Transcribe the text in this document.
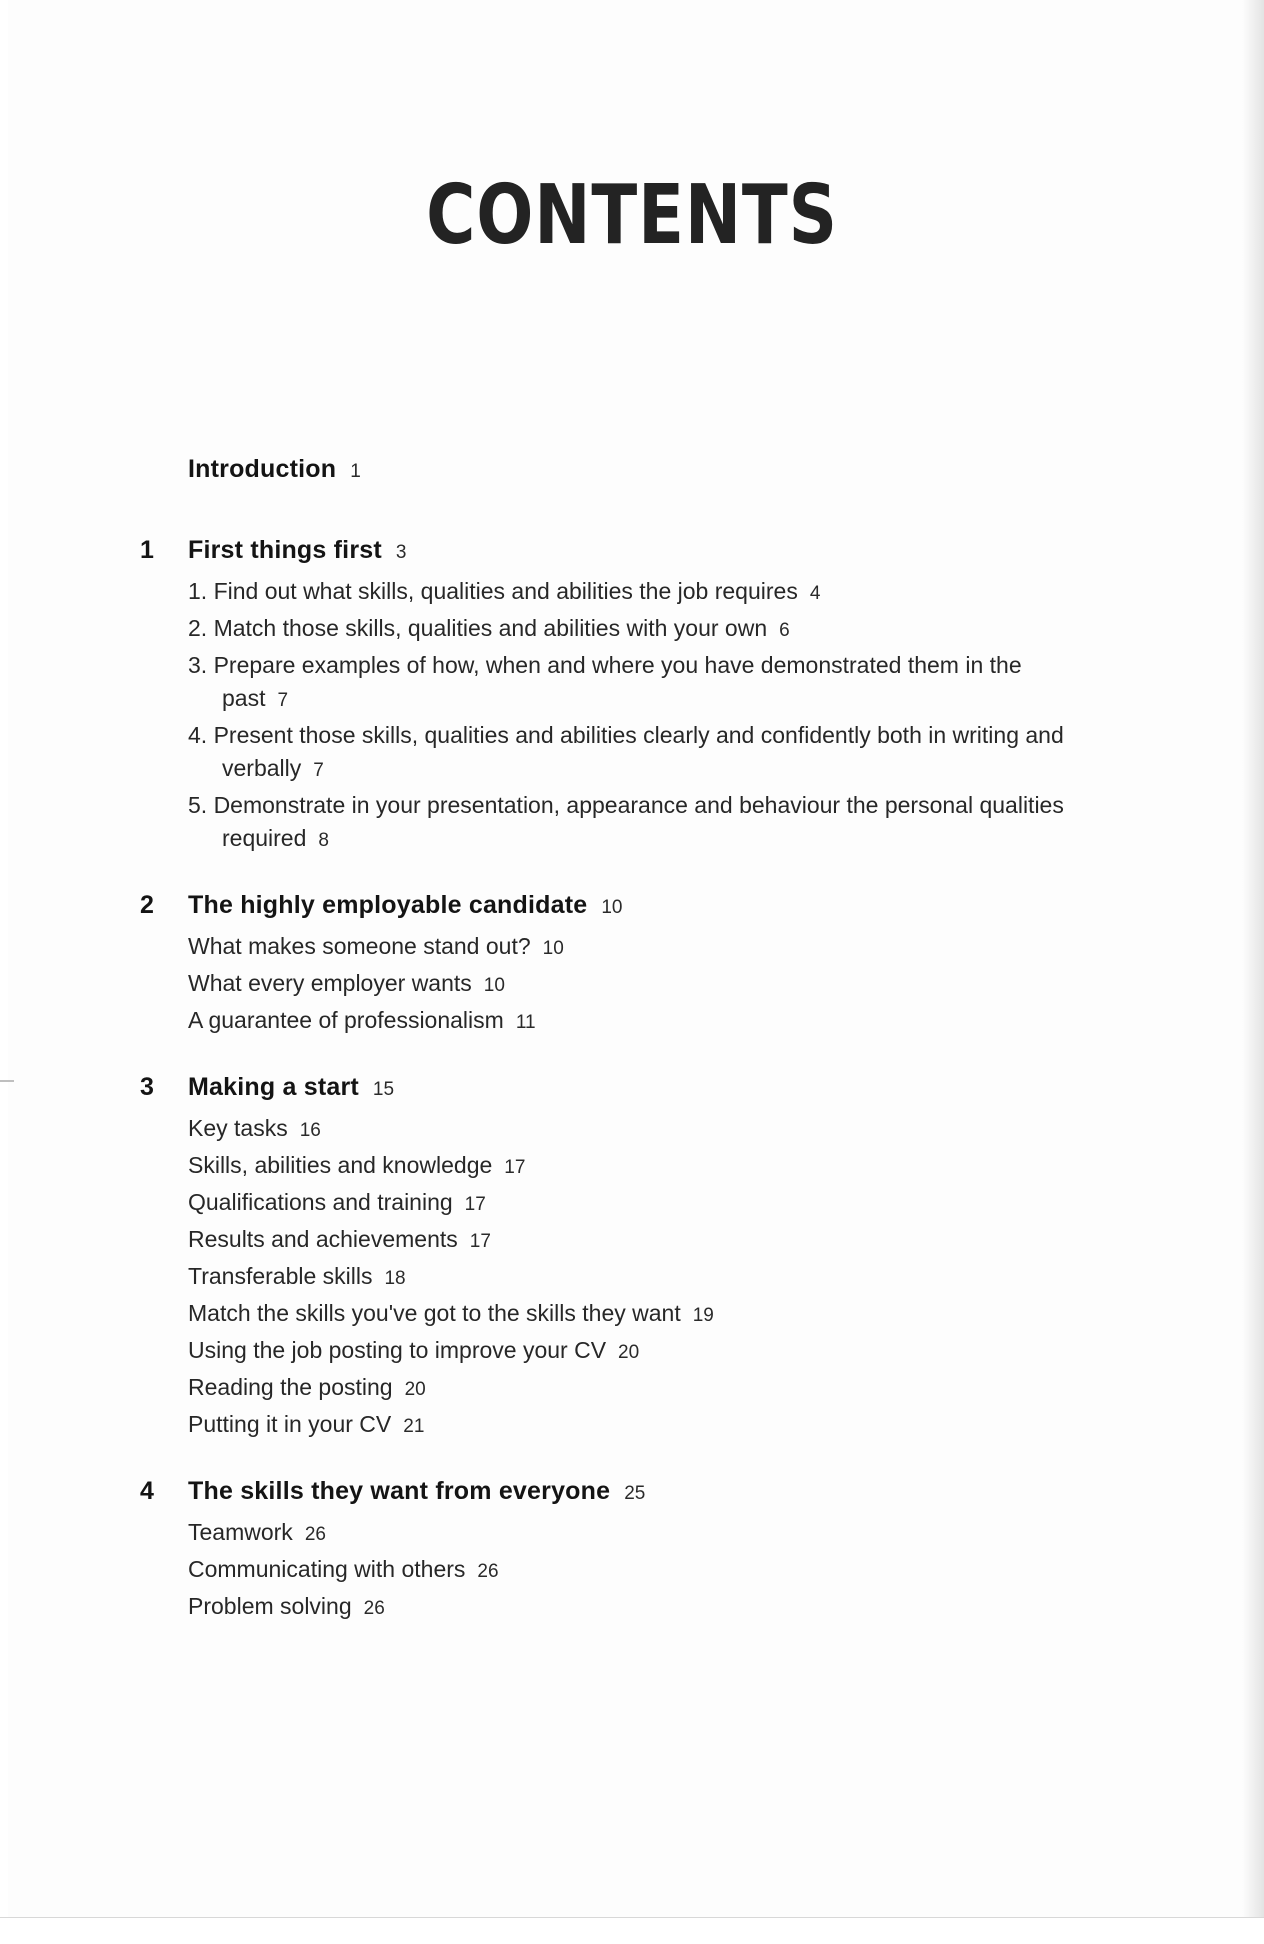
CONTENTS
Introduction 1
1	First things first 3
1. Find out what skills, qualities and abilities the job requires 4
2. Match those skills, qualities and abilities with your own 6
3. Prepare examples of how, when and where you have demonstrated them in the past 7
4. Present those skills, qualities and abilities clearly and confidently both in writing and verbally 7
5. Demonstrate in your presentation, appearance and behaviour the personal qualities required 8
2	The highly employable candidate 10
What makes someone stand out? 10
What every employer wants 10
A guarantee of professionalism 11
3	Making a start 15
Key tasks 16
Skills, abilities and knowledge 17
Qualifications and training 17
Results and achievements 17
Transferable skills 18
Match the skills you've got to the skills they want 19
Using the job posting to improve your CV 20
Reading the posting 20
Putting it in your CV 21
4	The skills they want from everyone 25
Teamwork 26
Communicating with others 26
Problem solving 26
